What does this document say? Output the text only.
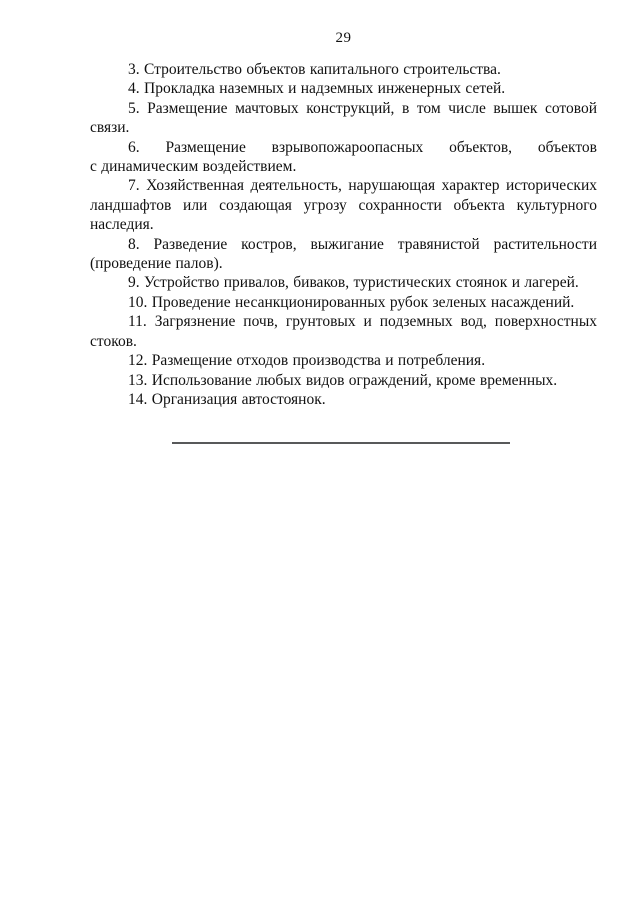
29

3. Строительство объектов капитального строительства.

4. Прокладка наземных и надземных инженерных сетей.

5. Размещение мачтовых конструкций, в том числе вышек сотовой
связи.

6. Размещение взрывопожароопасных объектов, объектов
с динамическим воздействием.

7. Хозяйственная деятельность, нарушающая характер исторических
ландшафтов или создающая угрозу сохранности объекта культурного
наследия.

8. Разведение костров, выжигание травянистой растительности
(проведение палов).

9. Устройство привалов, биваков, туристических стоянок и лагерей.

10. Проведение несанкционированных рубок зеленых насаждений.

11. Загрязнение почв, грунтовых и подземных вод, поверхностных
стоков.

12. Размещение отходов производства и потребления.

13. Использование любых видов ограждений, кроме временных.

14. Организация автостоянок.
